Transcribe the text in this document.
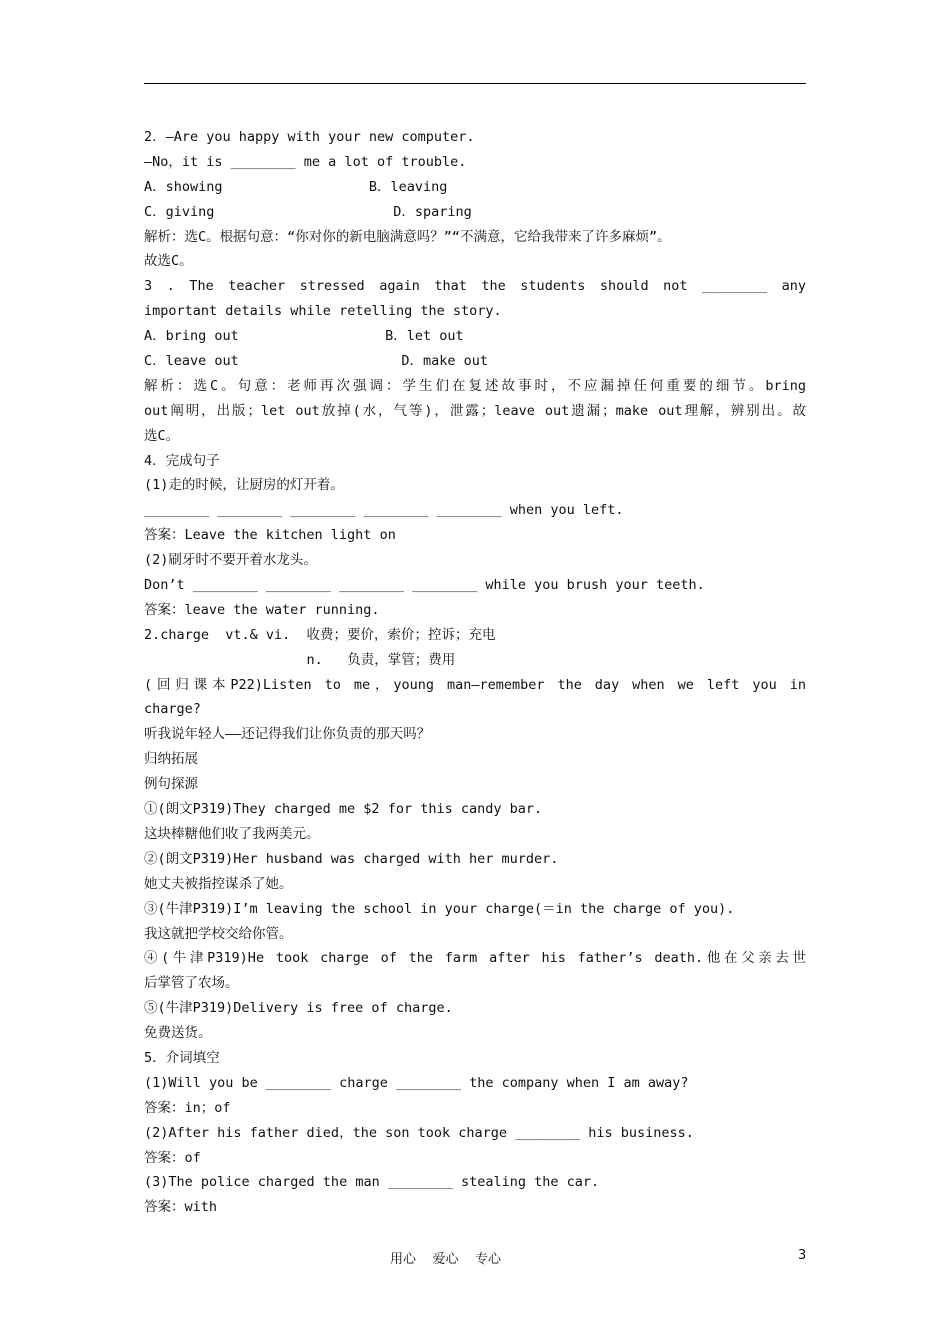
2．—Are you happy with your new computer.
—No，it is ________ me a lot of trouble.
A．showing                  B．leaving
C．giving                      D．sparing
解析：选C。根据句意：“你对你的新电脑满意吗？”“不满意，它给我带来了许多麻烦”。
故选C。
3 . The teacher stressed again that the students should not ________ any
important details while retelling the story.
A．bring out                  B．let out
C．leave out                    D．make out
解析：选C。句意：老师再次强调：学生们在复述故事时，不应漏掉任何重要的细节。bring
out阐明，出版；let out放掉(水，气等)，泄露；leave out遗漏；make out理解，辨别出。故
选C。
4．完成句子
(1)走的时候，让厨房的灯开着。
________ ________ ________ ________ ________ when you left.
答案：Leave the kitchen light on
(2)刷牙时不要开着水龙头。
Don’t ________ ________ ________ ________ while you brush your teeth.
答案：leave the water running.
2.charge  vt.& vi.  收费；要价，索价；控诉；充电
n.   负责，掌管；费用
(回归课本P22)Listen to me，young man—remember the day when we left you in
charge?
听我说年轻人——还记得我们让你负责的那天吗？
归纳拓展
例句探源
①(朗文P319)They charged me $2 for this candy bar.
这块棒糖他们收了我两美元。
②(朗文P319)Her husband was charged with her murder.
她丈夫被指控谋杀了她。
③(牛津P319)I’m leaving the school in your charge(＝in the charge of you).
我这就把学校交给你管。
④(牛津P319)He took charge of the farm after his father’s death.他在父亲去世
后掌管了农场。
⑤(牛津P319)Delivery is free of charge.
免费送货。
5．介词填空
(1)Will you be ________ charge ________ the company when I am away?
答案：in；of
(2)After his father died，the son took charge ________ his business.
答案：of
(3)The police charged the man ________ stealing the car.
答案：with
用心    爱心    专心	3
